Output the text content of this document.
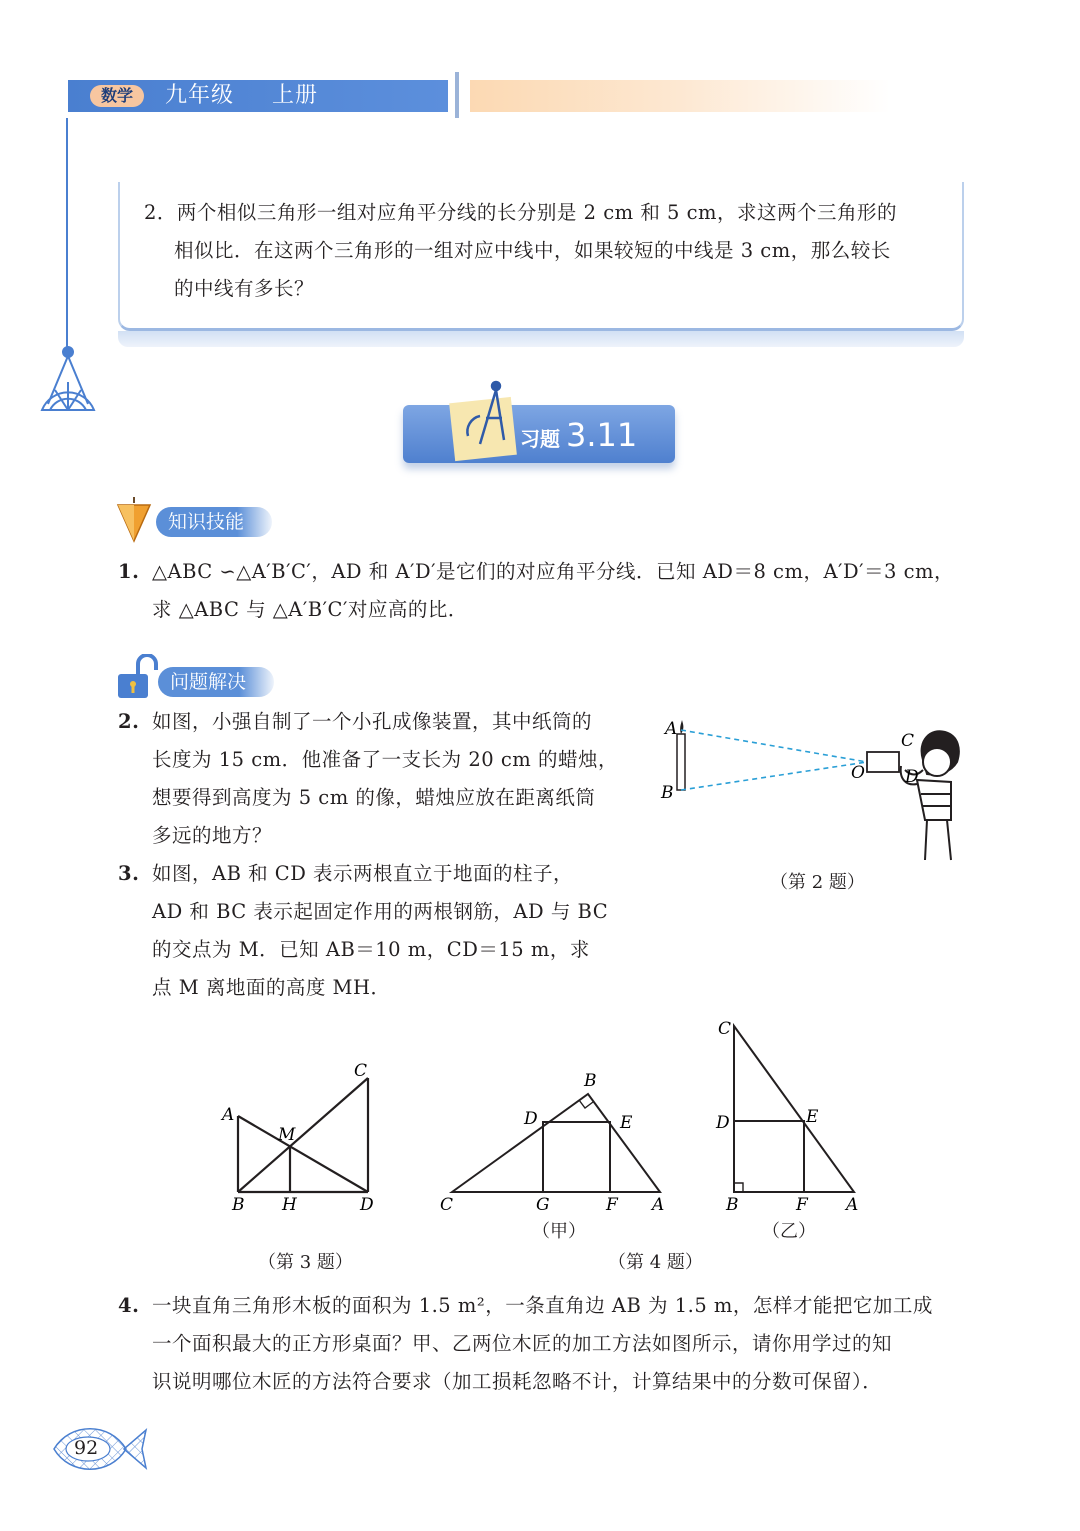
数学	九年级 上册
2．两个相似三角形一组对应角平分线的长分别是 2 cm 和 5 cm，求这两个三角形的
相似比．在这两个三角形的一组对应中线中，如果较短的中线是 3 cm，那么较长
的中线有多长？
习题 3.11
知识技能
1. △ABC ∽△A′B′C′，AD 和 A′D′是它们的对应角平分线．已知 AD＝8 cm，A′D′＝3 cm，
求 △ABC 与 △A′B′C′对应高的比．
问题解决
2. 如图，小强自制了一个小孔成像装置，其中纸筒的
长度为 15 cm．他准备了一支长为 20 cm 的蜡烛，
想要得到高度为 5 cm 的像，蜡烛应放在距离纸筒
多远的地方？
3. 如图，AB 和 CD 表示两根直立于地面的柱子，
AD 和 BC 表示起固定作用的两根钢筋，AD 与 BC
的交点为 M．已知 AB＝10 m，CD＝15 m，求
点 M 离地面的高度 MH．
A
B
C
O D
（第 2 题）
A
B
C
D
M
H
（第 3 题）
C
B
D	E
G	F A
（甲）
C
D	E
B	F A
（乙）
（第 4 题）
4. 一块直角三角形木板的面积为 1.5 m²，一条直角边 AB 为 1.5 m，怎样才能把它加工成
一个面积最大的正方形桌面？甲、乙两位木匠的加工方法如图所示，请你用学过的知
识说明哪位木匠的方法符合要求（加工损耗忽略不计，计算结果中的分数可保留）．
92
